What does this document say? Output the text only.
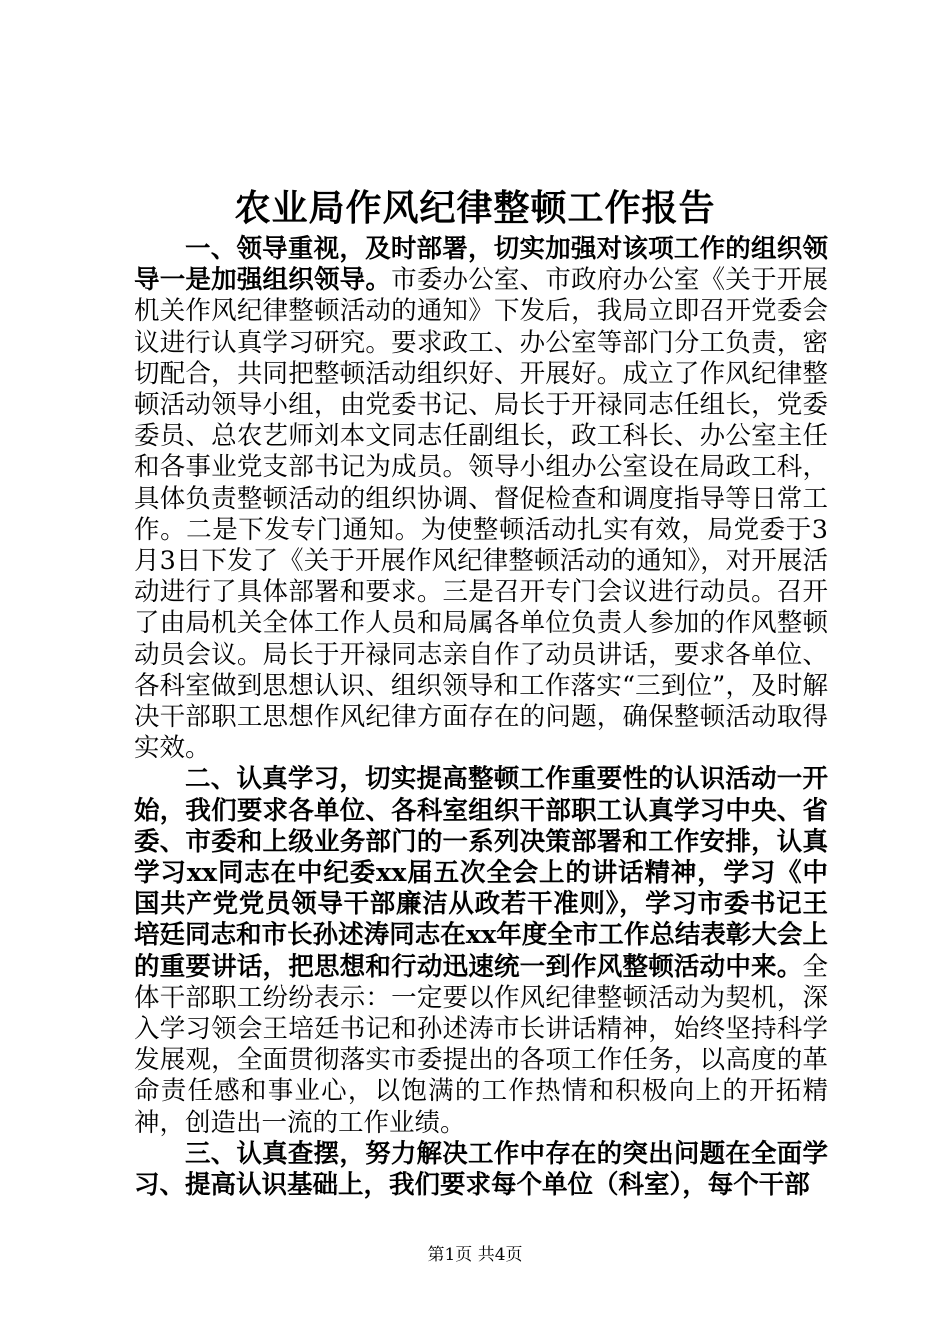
农业局作风纪律整顿工作报告

一、领导重视，及时部署，切实加强对该项工作的组织领导一是加强组织领导。市委办公室、市政府办公室《关于开展机关作风纪律整顿活动的通知》下发后，我局立即召开党委会议进行认真学习研究。要求政工、办公室等部门分工负责，密切配合，共同把整顿活动组织好、开展好。成立了作风纪律整顿活动领导小组，由党委书记、局长于开禄同志任组长，党委委员、总农艺师刘本文同志任副组长，政工科长、办公室主任和各事业党支部书记为成员。领导小组办公室设在局政工科，具体负责整顿活动的组织协调、督促检查和调度指导等日常工作。二是下发专门通知。为使整顿活动扎实有效，局党委于3月3日下发了《关于开展作风纪律整顿活动的通知》，对开展活动进行了具体部署和要求。三是召开专门会议进行动员。召开了由局机关全体工作人员和局属各单位负责人参加的作风整顿动员会议。局长于开禄同志亲自作了动员讲话，要求各单位、各科室做到思想认识、组织领导和工作落实“三到位”，及时解决干部职工思想作风纪律方面存在的问题，确保整顿活动取得实效。

二、认真学习，切实提高整顿工作重要性的认识活动一开始，我们要求各单位、各科室组织干部职工认真学习中央、省委、市委和上级业务部门的一系列决策部署和工作安排，认真学习xx同志在中纪委xx届五次全会上的讲话精神，学习《中国共产党党员领导干部廉洁从政若干准则》，学习市委书记王培廷同志和市长孙述涛同志在xx年度全市工作总结表彰大会上的重要讲话，把思想和行动迅速统一到作风整顿活动中来。全体干部职工纷纷表示：一定要以作风纪律整顿活动为契机，深入学习领会王培廷书记和孙述涛市长讲话精神，始终坚持科学发展观，全面贯彻落实市委提出的各项工作任务，以高度的革命责任感和事业心，以饱满的工作热情和积极向上的开拓精神，创造出一流的工作业绩。

三、认真查摆，努力解决工作中存在的突出问题在全面学习、提高认识基础上，我们要求每个单位（科室），每个干部

第1页 共4页
